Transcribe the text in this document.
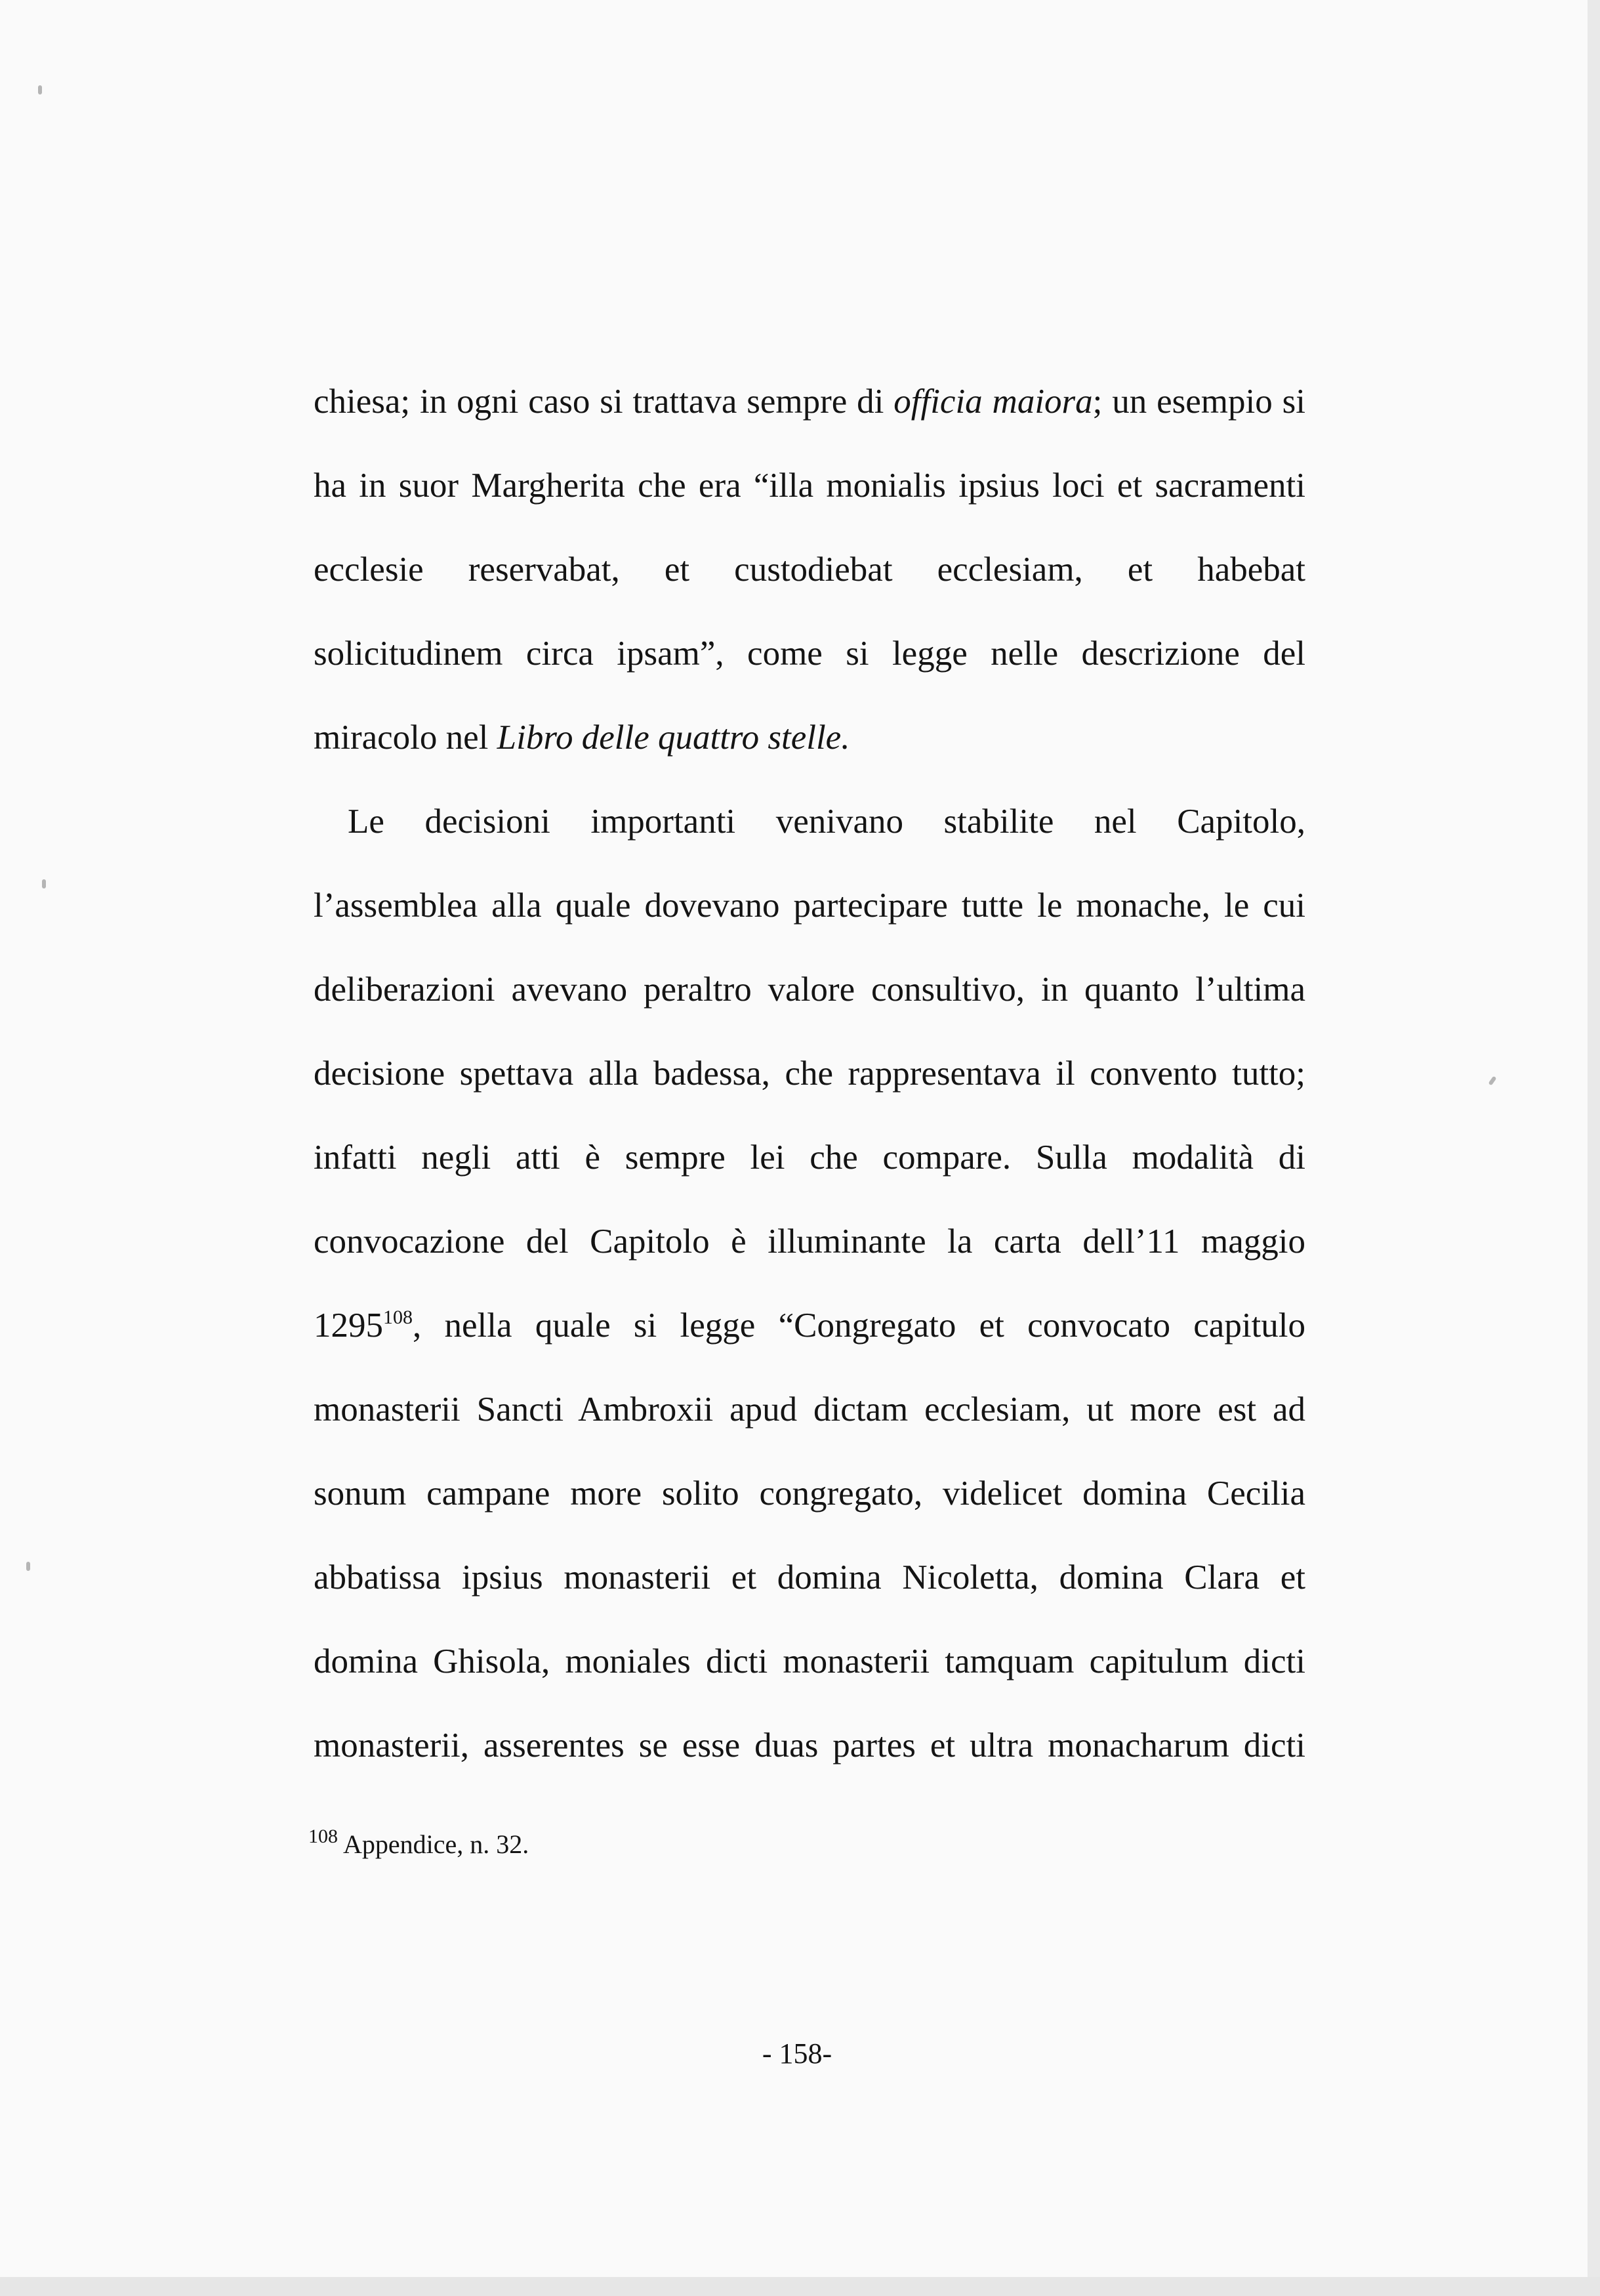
chiesa; in ogni caso si trattava sempre di officia maiora; un esempio si
ha in suor Margherita che era “illa monialis ipsius loci et sacramenti
ecclesie reservabat, et custodiebat ecclesiam, et habebat
solicitudinem circa ipsam”, come si legge nelle descrizione del
miracolo nel Libro delle quattro stelle.
Le decisioni importanti venivano stabilite nel Capitolo,
l’assemblea alla quale dovevano partecipare tutte le monache, le cui
deliberazioni avevano peraltro valore consultivo, in quanto l’ultima
decisione spettava alla badessa, che rappresentava il convento tutto;
infatti negli atti è sempre lei che compare. Sulla modalità di
convocazione del Capitolo è illuminante la carta dell’11 maggio
1295$^{108}$, nella quale si legge “Congregato et convocato capitulo
monasterii Sancti Ambroxii apud dictam ecclesiam, ut more est ad
sonum campane more solito congregato, videlicet domina Cecilia
abbatissa ipsius monasterii et domina Nicoletta, domina Clara et
domina Ghisola, moniales dicti monasterii tamquam capitulum dicti
monasterii, asserentes se esse duas partes et ultra monacharum dicti

$^{108}$ Appendice, n. 32.

- 158-
